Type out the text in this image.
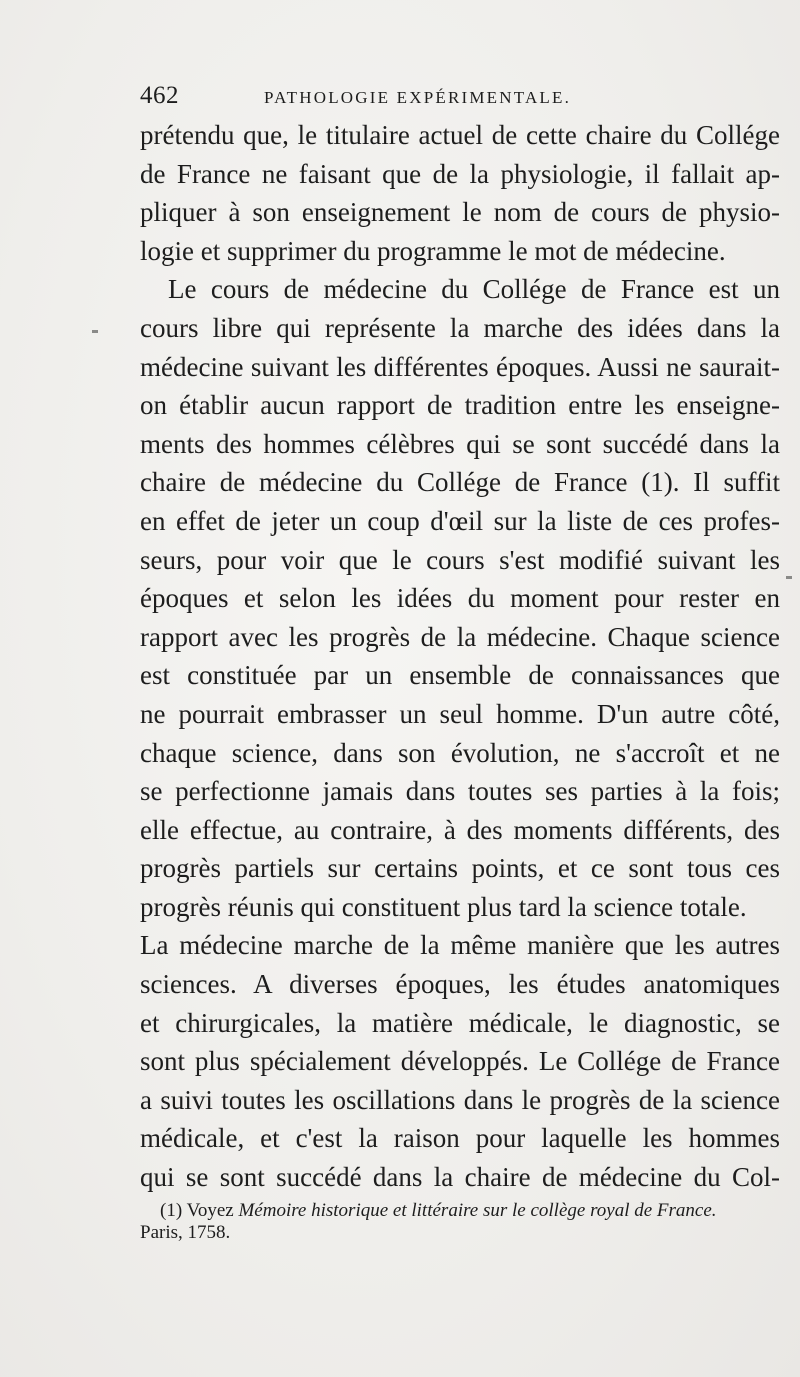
462	PATHOLOGIE EXPÉRIMENTALE.
prétendu que, le titulaire actuel de cette chaire du Collége
de France ne faisant que de la physiologie, il fallait ap-
pliquer à son enseignement le nom de cours de physio-
logie et supprimer du programme le mot de médecine.
Le cours de médecine du Collége de France est un
cours libre qui représente la marche des idées dans la
médecine suivant les différentes époques. Aussi ne saurait-
on établir aucun rapport de tradition entre les enseigne-
ments des hommes célèbres qui se sont succédé dans la
chaire de médecine du Collége de France (1). Il suffit
en effet de jeter un coup d'œil sur la liste de ces profes-
seurs, pour voir que le cours s'est modifié suivant les
époques et selon les idées du moment pour rester en
rapport avec les progrès de la médecine. Chaque science
est constituée par un ensemble de connaissances que
ne pourrait embrasser un seul homme. D'un autre côté,
chaque science, dans son évolution, ne s'accroît et ne
se perfectionne jamais dans toutes ses parties à la fois;
elle effectue, au contraire, à des moments différents, des
progrès partiels sur certains points, et ce sont tous ces
progrès réunis qui constituent plus tard la science totale.
La médecine marche de la même manière que les autres
sciences. A diverses époques, les études anatomiques
et chirurgicales, la matière médicale, le diagnostic, se
sont plus spécialement développés. Le Collége de France
a suivi toutes les oscillations dans le progrès de la science
médicale, et c'est la raison pour laquelle les hommes
qui se sont succédé dans la chaire de médecine du Col-
(1) Voyez Mémoire historique et littéraire sur le collège royal de France.
Paris, 1758.
